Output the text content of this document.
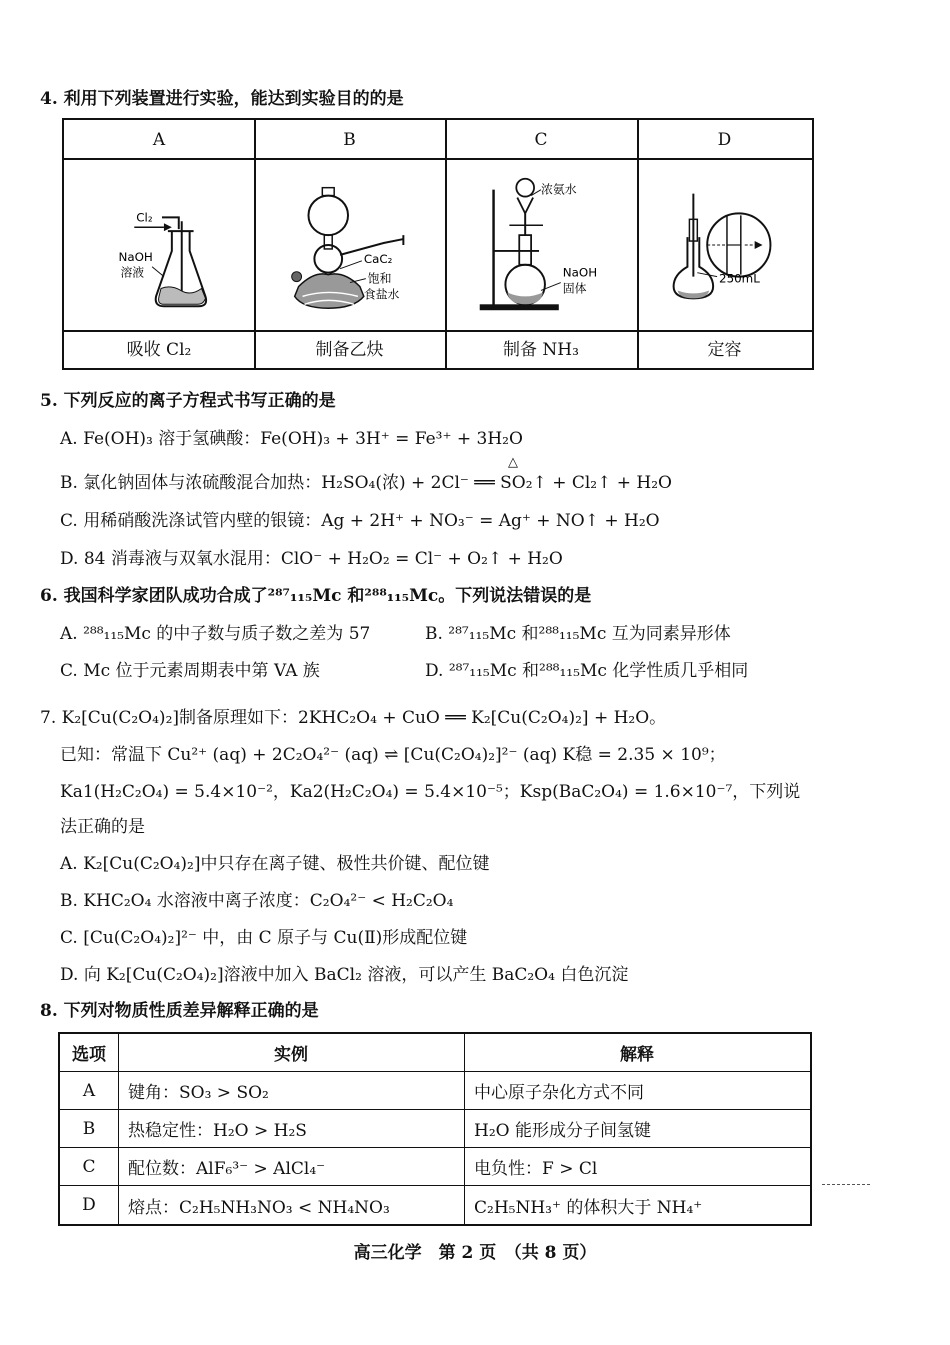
4. 利用下列装置进行实验，能达到实验目的的是
A	B	C	D
Cl₂
NaOH
溶液
CaC₂
饱和
食盐水
浓氨水
NaOH
固体
250mL
吸收 Cl₂	制备乙炔	制备 NH₃	定容
5. 下列反应的离子方程式书写正确的是
A. Fe(OH)₃ 溶于氢碘酸：Fe(OH)₃ + 3H⁺ = Fe³⁺ + 3H₂O
B. 氯化钠固体与浓硫酸混合加热：H₂SO₄(浓) + 2Cl⁻ ══ SO₂↑ + Cl₂↑ + H₂O
△
C. 用稀硝酸洗涤试管内壁的银镜：Ag + 2H⁺ + NO₃⁻ = Ag⁺ + NO↑ + H₂O
D. 84 消毒液与双氧水混用：ClO⁻ + H₂O₂ = Cl⁻ + O₂↑ + H₂O
6. 我国科学家团队成功合成了²⁸⁷₁₁₅Mc 和²⁸⁸₁₁₅Mc。下列说法错误的是
A. ²⁸⁸₁₁₅Mc 的中子数与质子数之差为 57	B. ²⁸⁷₁₁₅Mc 和²⁸⁸₁₁₅Mc 互为同素异形体
C. Mc 位于元素周期表中第 VA 族	D. ²⁸⁷₁₁₅Mc 和²⁸⁸₁₁₅Mc 化学性质几乎相同
7. K₂[Cu(C₂O₄)₂]制备原理如下：2KHC₂O₄ + CuO ══ K₂[Cu(C₂O₄)₂] + H₂O。
已知：常温下 Cu²⁺ (aq) + 2C₂O₄²⁻ (aq) ⇌ [Cu(C₂O₄)₂]²⁻ (aq) K稳 = 2.35 × 10⁹；
Ka1(H₂C₂O₄) = 5.4×10⁻²，Ka2(H₂C₂O₄) = 5.4×10⁻⁵；Ksp(BaC₂O₄) = 1.6×10⁻⁷，下列说
法正确的是
A. K₂[Cu(C₂O₄)₂]中只存在离子键、极性共价键、配位键
B. KHC₂O₄ 水溶液中离子浓度：C₂O₄²⁻ < H₂C₂O₄
C. [Cu(C₂O₄)₂]²⁻ 中，由 C 原子与 Cu(Ⅱ)形成配位键
D. 向 K₂[Cu(C₂O₄)₂]溶液中加入 BaCl₂ 溶液，可以产生 BaC₂O₄ 白色沉淀
8. 下列对物质性质差异解释正确的是
选项	实例	解释
A	键角：SO₃ > SO₂	中心原子杂化方式不同
B	热稳定性：H₂O > H₂S	H₂O 能形成分子间氢键
C	配位数：AlF₆³⁻ > AlCl₄⁻	电负性：F > Cl
D	熔点：C₂H₅NH₃NO₃ < NH₄NO₃	C₂H₅NH₃⁺ 的体积大于 NH₄⁺
高三化学　第 2 页　（共 8 页）
